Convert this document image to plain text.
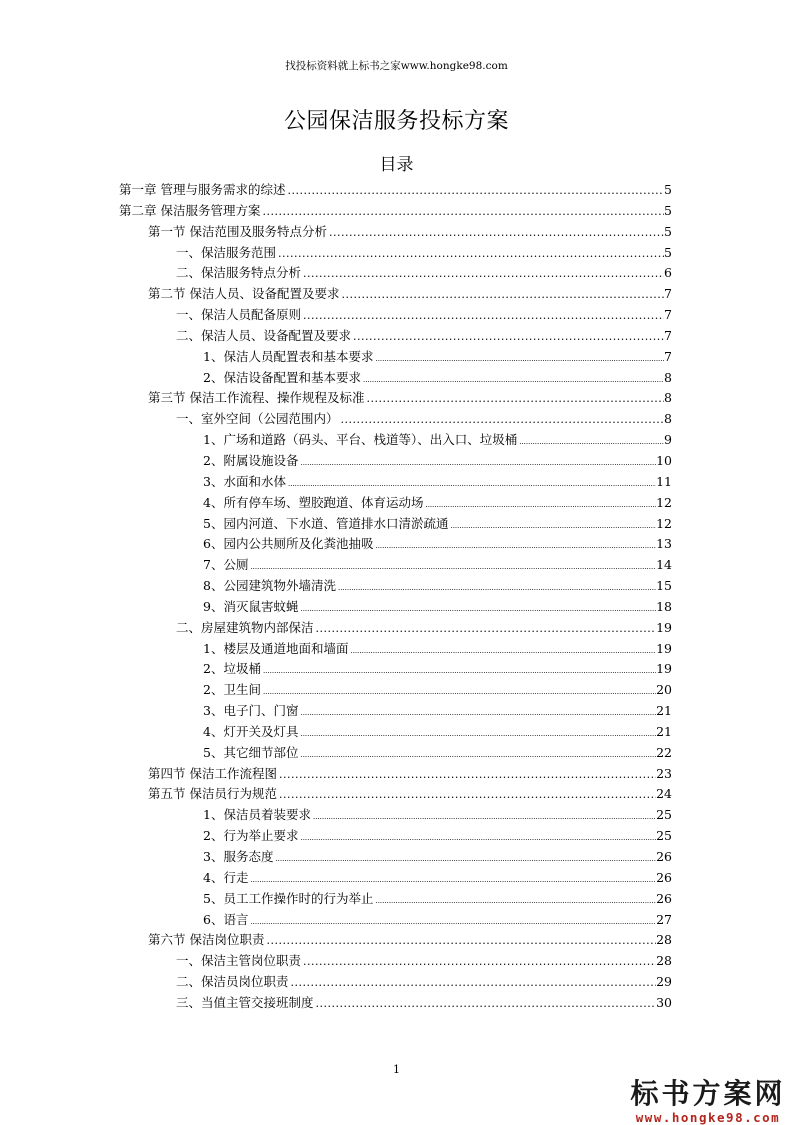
找投标资料就上标书之家www.hongke98.com
公园保洁服务投标方案
目录
第一章 管理与服务需求的综述 .....	5
第二章 保洁服务管理方案 .....	5
第一节 保洁范围及服务特点分析 .....	5
一、保洁服务范围 .....	5
二、保洁服务特点分析 .....	6
第二节 保洁人员、设备配置及要求 .....	7
一、保洁人员配备原则 .....	7
二、保洁人员、设备配置及要求 .....	7
1、保洁人员配置表和基本要求 .....	7
2、保洁设备配置和基本要求 .....	8
第三节 保洁工作流程、操作规程及标准 .....	8
一、室外空间（公园范围内） .....	8
1、广场和道路（码头、平台、栈道等）、出入口、垃圾桶 .....	9
2、附属设施设备 .....	10
3、水面和水体 .....	11
4、所有停车场、塑胶跑道、体育运动场 .....	12
5、园内河道、下水道、管道排水口清淤疏通 .....	12
6、园内公共厕所及化粪池抽吸 .....	13
7、公厕 .....	14
8、公园建筑物外墙清洗 .....	15
9、消灭鼠害蚊蝇 .....	18
二、房屋建筑物内部保洁 .....	19
1、楼层及通道地面和墙面 .....	19
2、垃圾桶 .....	19
2、卫生间 .....	20
3、电子门、门窗 .....	21
4、灯开关及灯具 .....	21
5、其它细节部位 .....	22
第四节 保洁工作流程图 .....	23
第五节 保洁员行为规范 .....	24
1、保洁员着装要求 .....	25
2、行为举止要求 .....	25
3、服务态度 .....	26
4、行走 .....	26
5、员工工作操作时的行为举止 .....	26
6、语言 .....	27
第六节 保洁岗位职责 .....	28
一、保洁主管岗位职责 .....	28
二、保洁员岗位职责 .....	29
三、当值主管交接班制度 .....	30
1
标书方案网
www.hongke98.com
